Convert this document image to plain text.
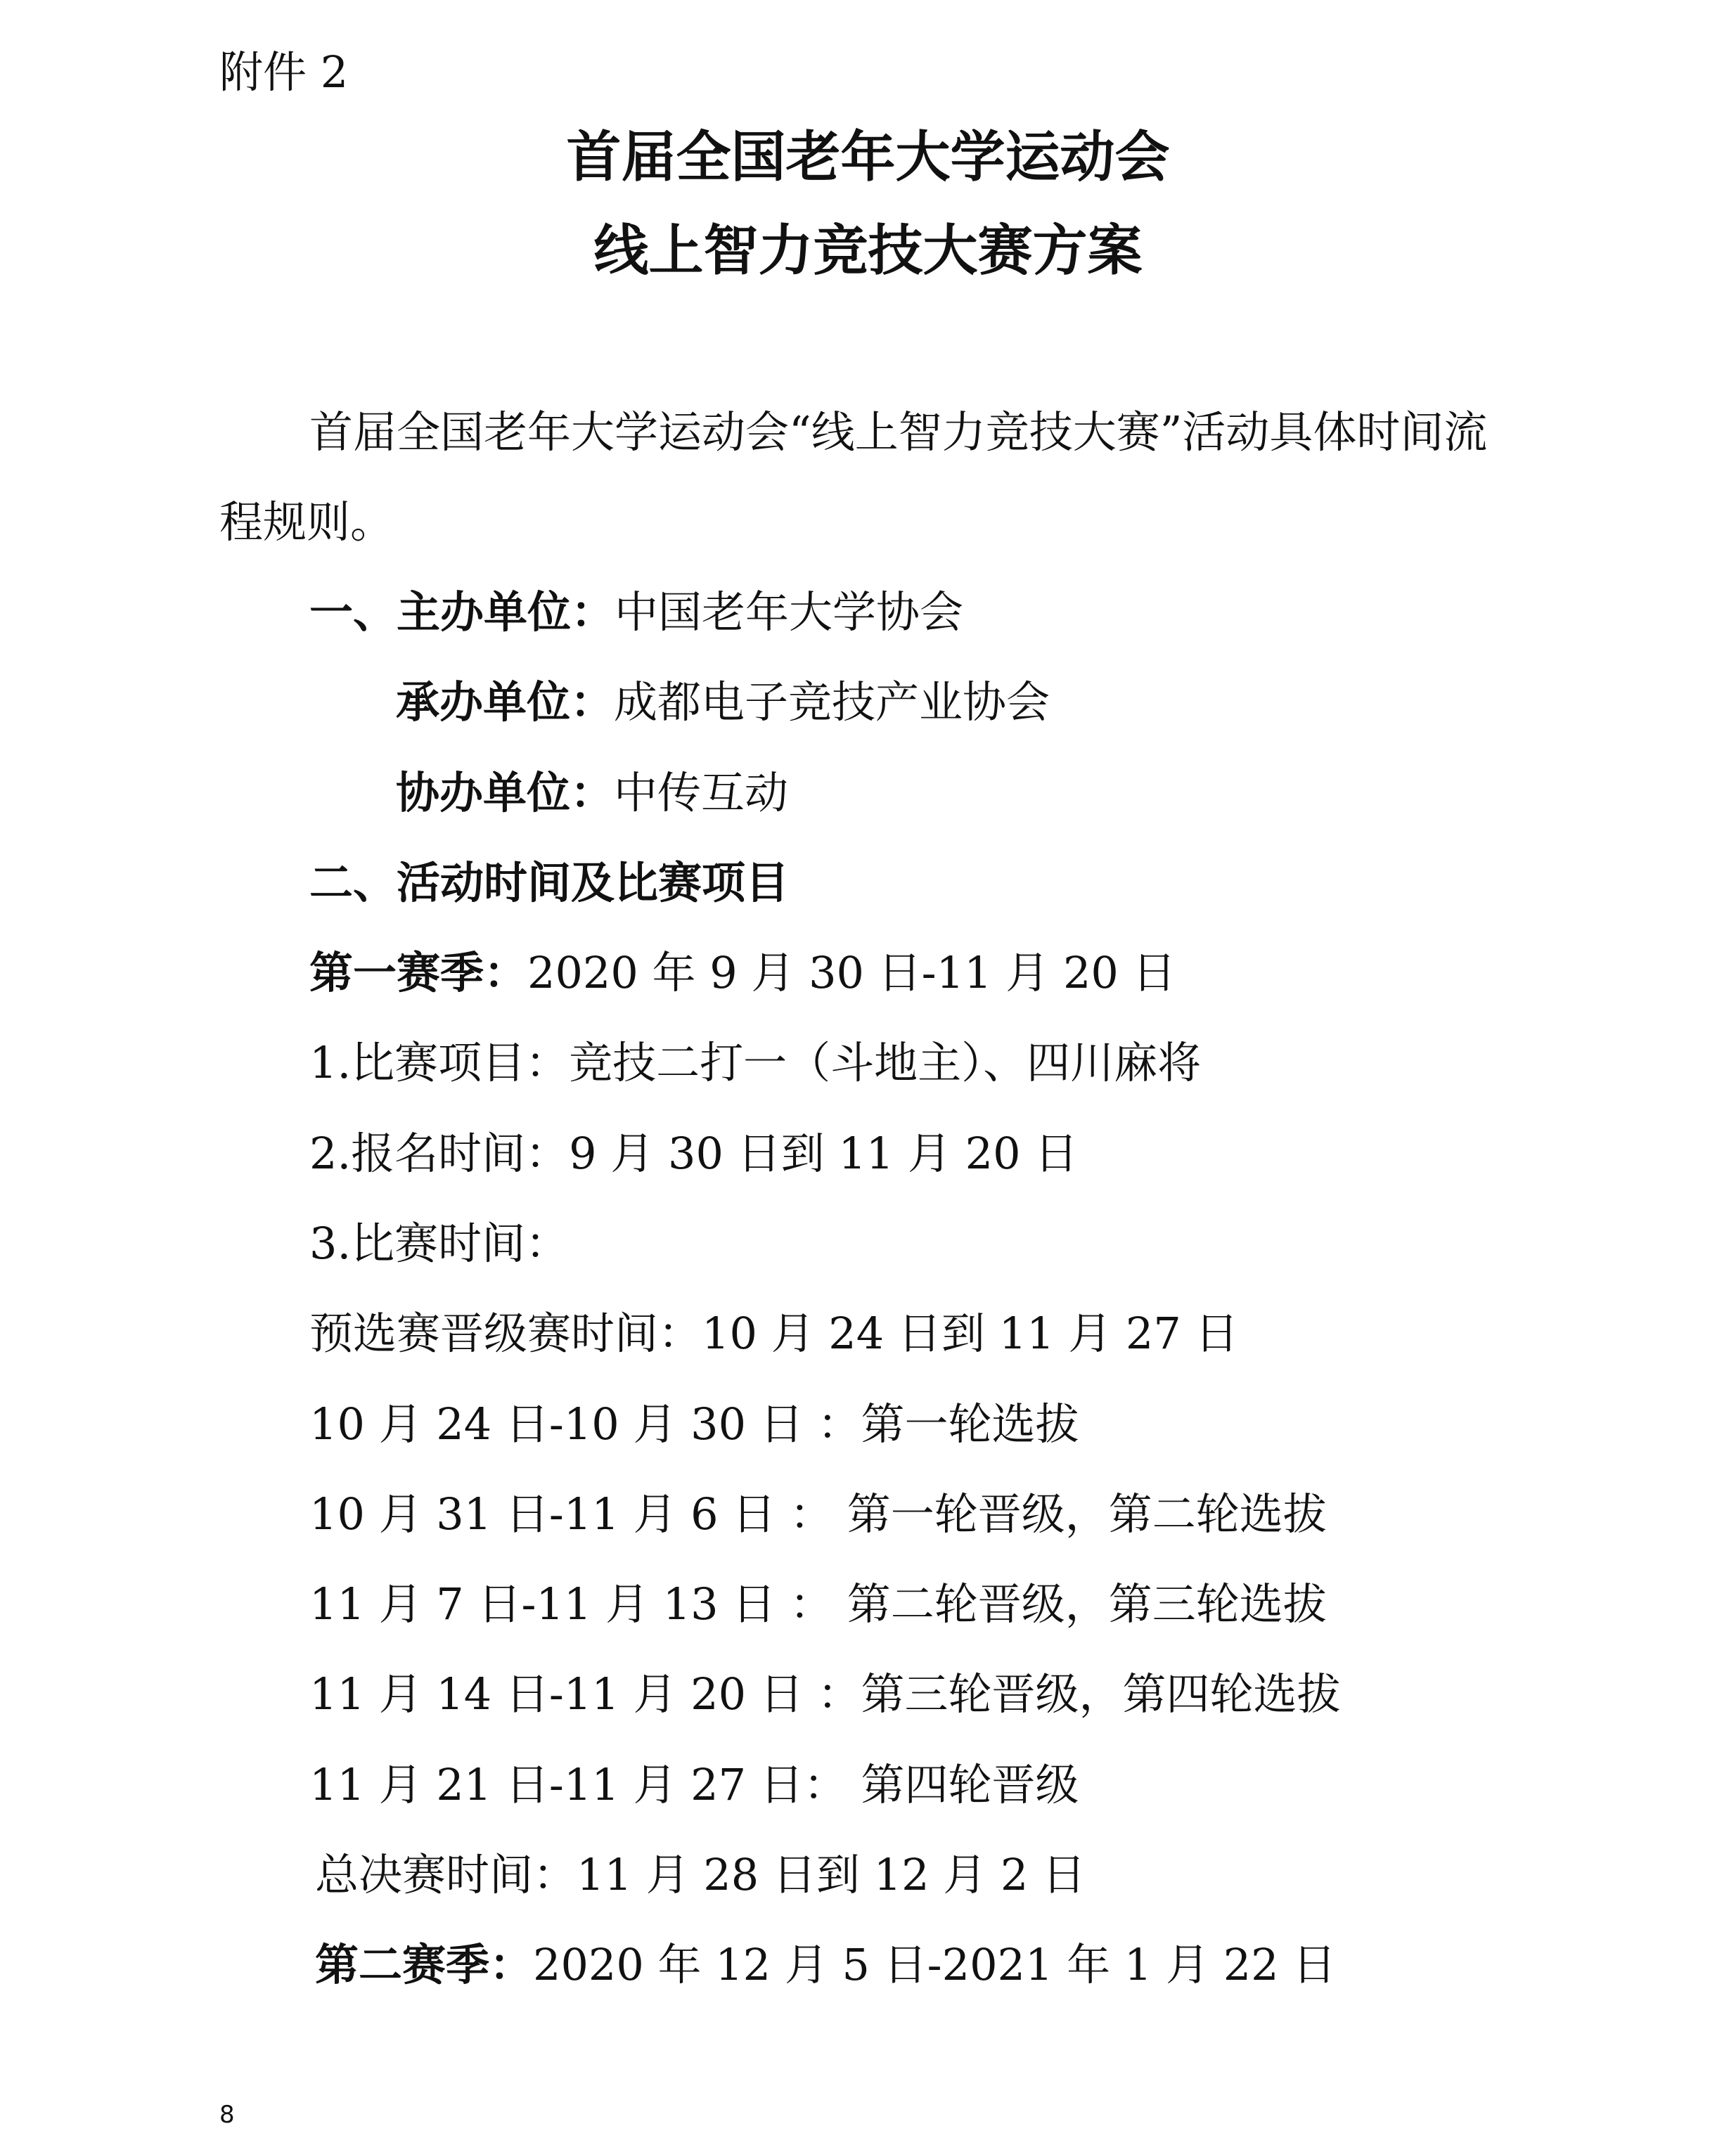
附件 2
首届全国老年大学运动会
线上智力竞技大赛方案
首届全国老年大学运动会“线上智力竞技大赛”活动具体时间流
程规则。
一、主办单位：中国老年大学协会
承办单位：成都电子竞技产业协会
协办单位：中传互动
二、活动时间及比赛项目
第一赛季：2020 年 9 月 30 日-11 月 20 日
1.比赛项目：竞技二打一（斗地主）、四川麻将
2.报名时间：9 月 30 日到 11 月 20 日
3.比赛时间：
预选赛晋级赛时间：10 月 24 日到 11 月 27 日
10 月 24 日-10 月 30 日 ：第一轮选拔
10 月 31 日-11 月 6 日 ： 第一轮晋级，第二轮选拔
11 月 7 日-11 月 13 日 ： 第二轮晋级，第三轮选拔
11 月 14 日-11 月 20 日 ：第三轮晋级，第四轮选拔
11 月 21 日-11 月 27 日： 第四轮晋级
总决赛时间：11 月 28 日到 12 月 2 日
第二赛季：2020 年 12 月 5 日-2021 年 1 月 22 日
8
